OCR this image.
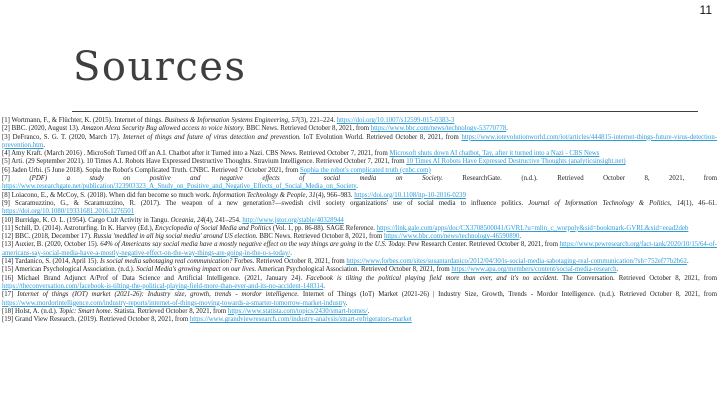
11
Sources

[1] Wortmann, F., & Flüchter, K. (2015). Internet of things. Business & Information Systems Engineering, 57(3), 221–224. https://doi.org/10.1007/s12599-015-0383-3

[2] BBC. (2020, August 13). Amazon Alexa Security Bug allowed access to voice history. BBC News. Retrieved October 8, 2021, from https://www.bbc.com/news/technology-53770778.

[3] DeFranco, S. G. T. (2020, March 17). Internet of things and future of virus detection and prevention. IoT Evolution World. Retrieved October 8, 2021, from https://www.iotevolutionworld.com/iot/articles/444815-internet-things-future-virus-detection-prevention.htm.

[4] Amy Kraft. (March 2016) . MicroSoft Turned Off an A.I. Chatbot after it Turned into a Nazi. CBS News. Retrieved October 7, 2021, from Microsoft shuts down AI chatbot, Tay, after it turned into a Nazi - CBS News

[5] Arti. (29 September 2021). 10 Times A.I. Robots Have Expressed Destructive Thoughts. Stravium Intelligence. Retrieved October 7, 2021, from 10 Times AI Robots Have Expressed Destructive Thoughts (analyticsinsight.net)

[6] Jaden Urbi. (5 June 2018). Sopia the Robot's Complicated Truth. CNBC. Retrieved 7 October 2021, from Sophia the robot's complicated truth (cnbc.com)

[7] (PDF) a study on positive and negative effects of social media on Society. ResearchGate. (n.d.). Retrieved October 8, 2021, from https://www.researchgate.net/publication/323903323_A_Study_on_Positive_and_Negative_Effects_of_Social_Media_on_Society.

[8] Loiacono, E., & McCoy, S. (2018). When did fun become so much work. Information Technology & People, 31(4), 966–983. https://doi.org/10.1108/itp-10-2016-0239

[9] Scaramuzzino, G., & Scaramuzzino, R. (2017). The weapon of a new generation?—swedish civil society organizations' use of social media to influence politics. Journal of Information Technology & Politics, 14(1), 46–61. https://doi.org/10.1080/19331681.2016.1276501

[10] Burridge, K. O. L. (1954). Cargo Cult Activity in Tangu. Oceania, 24(4), 241–254. http://www.jstor.org/stable/40328944

[11] Schill, D. (2014). Astroturfing. In K. Harvey (Ed.), Encyclopedia of Social Media and Politics (Vol. 1, pp. 86-88). SAGE Reference. https://link.gale.com/apps/doc/CX3708500041/GVRL?u=mlin_c_worpoly&sid=bookmark-GVRL&xid=eead2deb

[12] BBC. (2018, December 17). Russia 'meddled in all big social media' around US election. BBC News. Retrieved October 8, 2021, from https://www.bbc.com/news/technology-46590890.

[13] Auxier, B. (2020, October 15). 64% of Americans say social media have a mostly negative effect on the way things are going in the U.S. Today. Pew Research Center. Retrieved October 8, 2021, from https://www.pewresearch.org/fact-tank/2020/10/15/64-of-americans-say-social-media-have-a-mostly-negative-effect-on-the-way-things-are-going-in-the-u-s-today/.

[14] Tardanico, S. (2014, April 15). Is social media sabotaging real communication? Forbes. Retrieved October 8, 2021, from https://www.forbes.com/sites/susantardanico/2012/04/30/is-social-media-sabotaging-real-communication/?sh=752ef77b2b62.

[15] American Psychological Association. (n.d.). Social Media's growing impact on our lives. American Psychological Association. Retrieved October 8, 2021, from https://www.apa.org/members/content/social-media-research.

[16] Michael Brand Adjunct A/Prof of Data Science and Artificial Intelligence. (2021, January 24). Facebook is tilting the political playing field more than ever, and it's no accident. The Conversation. Retrieved October 8, 2021, from https://theconversation.com/facebook-is-tilting-the-political-playing-field-more-than-ever-and-its-no-accident-148314.

[17] Internet of things (IOT) market (2021-26): Industry size, growth, trends - mordor intelligence. Internet of Things (IoT) Market (2021-26) | Industry Size, Growth, Trends - Mordor Intelligence. (n.d.). Retrieved October 8, 2021, from https://www.mordorintelligence.com/industry-reports/internet-of-things-moving-towards-a-smarter-tomorrow-market-industry.

[18] Holst, A. (n.d.). Topic: Smart home. Statista. Retrieved October 8, 2021, from https://www.statista.com/topics/2430/smart-homes/.

[19] Grand View Research. (2019). Retrieved October 8, 2021, from https://www.grandviewresearch.com/industry-analysis/smart-refrigerators-market
